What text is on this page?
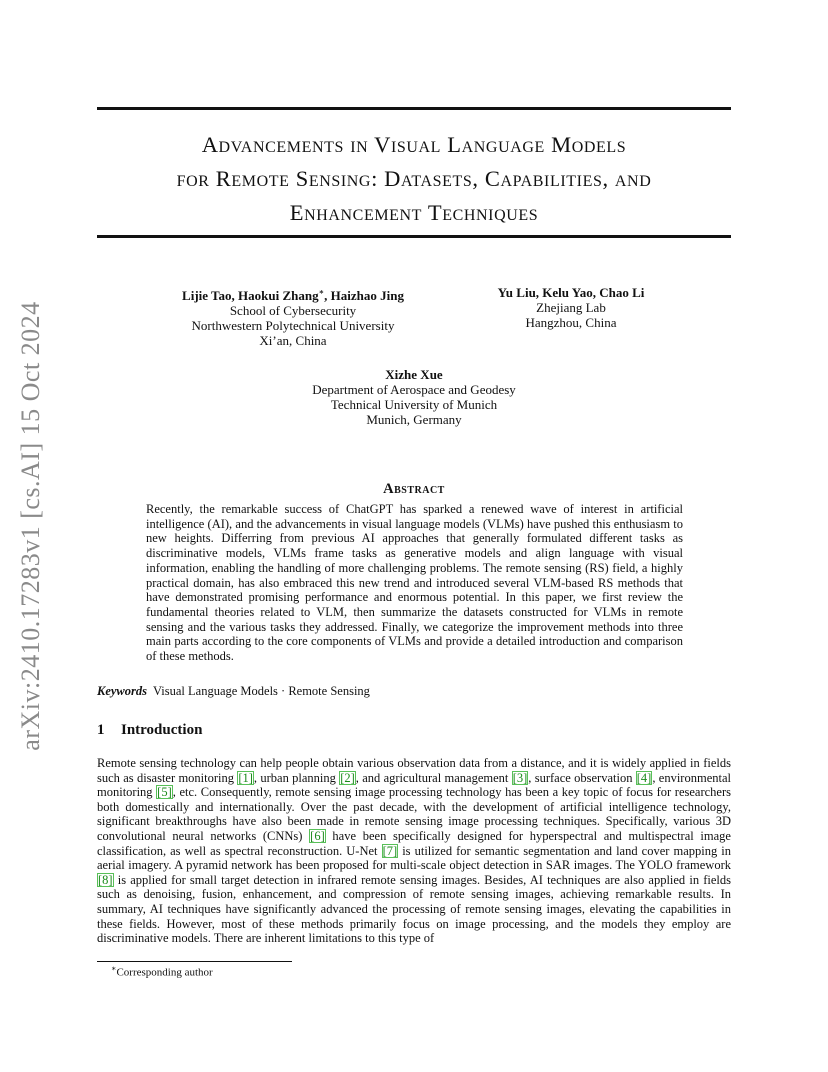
arXiv:2410.17283v1 [cs.AI] 15 Oct 2024
Advancements in Visual Language Models
for Remote Sensing: Datasets, Capabilities, and
Enhancement Techniques
Lijie Tao, Haokui Zhang∗, Haizhao Jing
School of Cybersecurity
Northwestern Polytechnical University
Xi’an, China
Yu Liu, Kelu Yao, Chao Li
Zhejiang Lab
Hangzhou, China
Xizhe Xue
Department of Aerospace and Geodesy
Technical University of Munich
Munich, Germany
Abstract
Recently, the remarkable success of ChatGPT has sparked a renewed wave of interest in artificial intelligence (AI), and the advancements in visual language models (VLMs) have pushed this enthusiasm to new heights. Differring from previous AI approaches that generally formulated different tasks as discriminative models, VLMs frame tasks as generative models and align language with visual information, enabling the handling of more challenging problems. The remote sensing (RS) field, a highly practical domain, has also embraced this new trend and introduced several VLM-based RS methods that have demonstrated promising performance and enormous potential. In this paper, we first review the fundamental theories related to VLM, then summarize the datasets constructed for VLMs in remote sensing and the various tasks they addressed. Finally, we categorize the improvement methods into three main parts according to the core components of VLMs and provide a detailed introduction and comparison of these methods.
Keywords Visual Language Models · Remote Sensing
1 Introduction
Remote sensing technology can help people obtain various observation data from a distance, and it is widely applied in fields such as disaster monitoring [1], urban planning [2], and agricultural management [3], surface observation [4], environmental monitoring [5], etc. Consequently, remote sensing image processing technology has been a key topic of focus for researchers both domestically and internationally. Over the past decade, with the development of artificial intelligence technology, significant breakthroughs have also been made in remote sensing image processing techniques. Specifically, various 3D convolutional neural networks (CNNs) [6] have been specifically designed for hyperspectral and multispectral image classification, as well as spectral reconstruction. U-Net [7] is utilized for semantic segmentation and land cover mapping in aerial imagery. A pyramid network has been proposed for multi-scale object detection in SAR images. The YOLO framework [8] is applied for small target detection in infrared remote sensing images. Besides, AI techniques are also applied in fields such as denoising, fusion, enhancement, and compression of remote sensing images, achieving remarkable results. In summary, AI techniques have significantly advanced the processing of remote sensing images, elevating the capabilities in these fields. However, most of these methods primarily focus on image processing, and the models they employ are discriminative models. There are inherent limitations to this type of
∗Corresponding author
